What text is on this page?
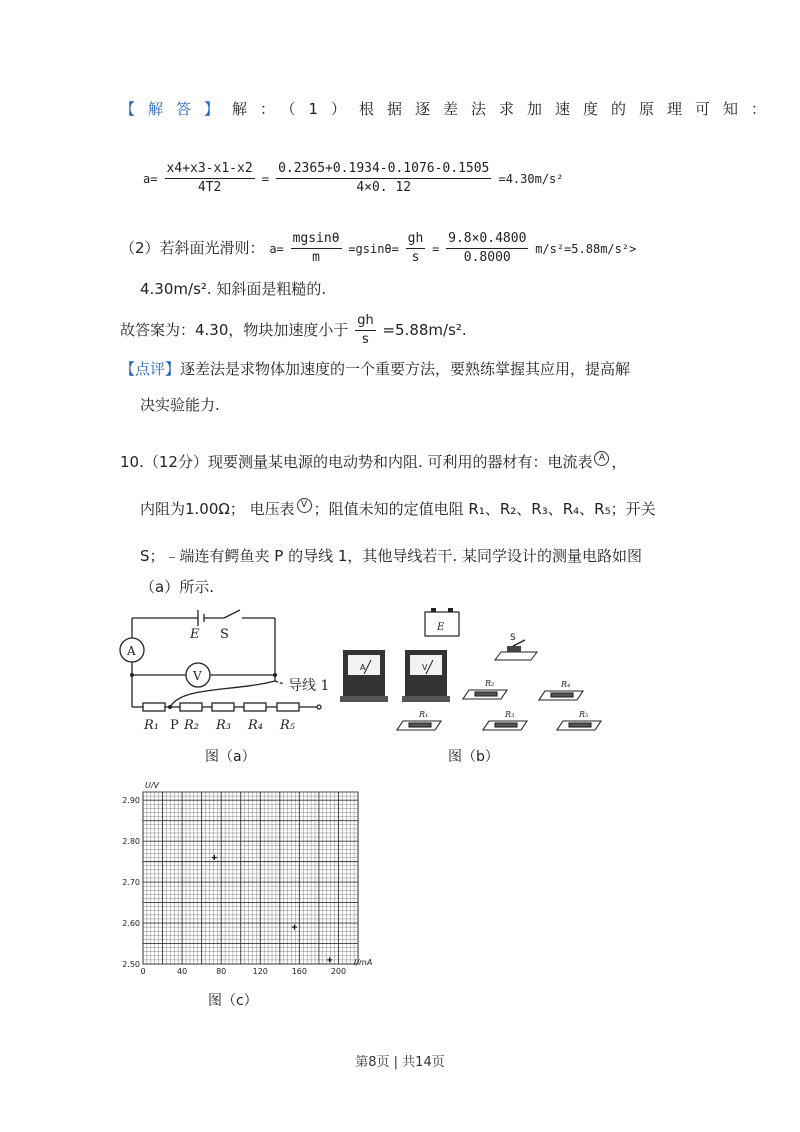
【解答】解：（1）根据逐差法求加速度的原理可知：
$a= \frac{x4+x3-x1-x2}{4T2} = \frac{0.2365+0.1934-0.1076-0.1505}{4\times 0. 12} =4.30m/s^2$
（2）若斜面光滑则： $a= \frac{mgsin\theta}{m} =gsin\theta= \frac{gh}{s} = \frac{9.8\times 0.4800}{0.8000} m/s^2=5.88m/s^2>$
4.30m/s². 知斜面是粗糙的.
故答案为：4.30，物块加速度小于 $\frac{gh}{s} =5.88m/s^2$.
【点评】逐差法是求物体加速度的一个重要方法，要熟练掌握其应用，提高解
决实验能力.
10.（12分）现要测量某电源的电动势和内阻. 可利用的器材有：电流表 A ，
内阻为1.00Ω； 电压表 V ；阻值未知的定值电阻 R₁、R₂、R₃、R₄、R₅；开关
S；﹣端连有鳄鱼夹 P 的导线 1，其他导线若干. 某同学设计的测量电路如图
（a）所示.
E S
A
V
导线 1
R₁ P R₂ R₃ R₄ R₅
图（a）
E
A	V
S
R₂	R₄
R₁	R₃	R₅
图（b）
0	40	80	120	160	200
2.90
2.80
2.70
2.60
2.50
U/V
I/mA
图（c）
第8页 | 共14页
